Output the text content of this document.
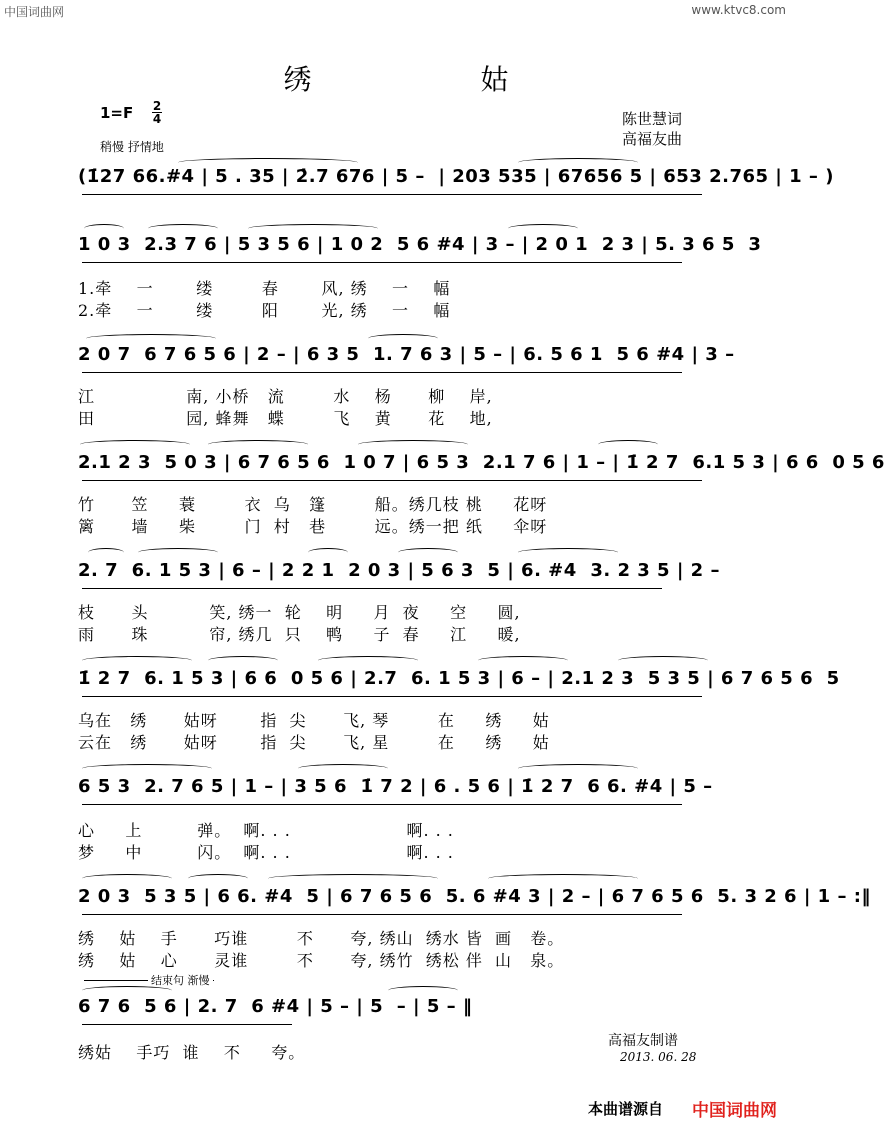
中国词曲网	www.ktvc8.com
绣 姑
$1=F \frac{2}{4}$
稍慢 抒情地
陈世慧词
高福友曲
(1̇27 66.#4 | 5 . 35 | 2̇.7 676 | 5 –  | 203 535 | 67656 5 | 653 2.765 | 1 – )
1 0 3  2.3 7 6 | 5 3 5 6 | 1 0 2  5 6 #4 | 3 – | 2 0 1  2 3 | 5. 3 6 5  3
1.牵    一       缕        春       风, 绣    一    幅
2.牵    一       缕        阳       光, 绣    一    幅
2 0 7  6 7 6 5 6 | 2 – | 6 3 5  1. 7 6 3 | 5 – | 6. 5 6 1  5 6 #4 | 3 –
江               南, 小桥   流        水    杨      柳    岸,
田               园, 蜂舞   蝶        飞    黄      花    地,
2.1 2 3  5 0 3 | 6 7 6 5 6  1 0 7 | 6 5 3  2.1 7 6 | 1 – | 1̇ 2 7  6.1 5 3 | 6 6  0 5 6
竹      笠     蓑        衣  乌   篷        船。绣几枝 桃     花呀
篱      墙     柴        门  村   巷        远。绣一把 纸     伞呀
2. 7  6. 1 5 3 | 6 – | 2 2 1  2 0 3 | 5 6 3  5 | 6. #4  3. 2 3 5 | 2 –
枝      头          笑, 绣一  轮    明     月  夜     空     圆,
雨      珠          帘, 绣几  只    鸭     子  春     江     暖,
1̇ 2 7  6. 1 5 3 | 6 6  0 5 6 | 2.7  6. 1 5 3 | 6 – | 2.1 2 3  5 3 5 | 6 7 6 5 6  5
乌在   绣      姑呀       指  尖      飞, 琴        在     绣     姑
云在   绣      姑呀       指  尖      飞, 星        在     绣     姑
6 5 3  2. 7 6 5 | 1 – | 3 5 6  1̇ 7 2 | 6 . 5 6 | 1̇ 2 7  6 6. #4 | 5 –
心     上         弹。  啊. . .                   啊. . .
梦     中         闪。  啊. . .                   啊. . .
2 0 3  5 3 5 | 6 6. #4  5 | 6 7 6 5 6  5. 6 #4 3 | 2 – | 6 7 6 5 6  5. 3 2 6 | 1 – :‖
绣    姑    手      巧谁        不      夸, 绣山  绣水 皆  画   卷。
绣    姑    心      灵谁        不      夸, 绣竹  绣松 伴  山   泉。
结束句 渐慢
6 7 6  5 6 | 2. 7  6 #4 | 5 – | 5  – | 5 – ‖
绣姑    手巧  谁    不     夸。
高福友制谱
2013. 06. 28
本曲谱源自 中国词曲网
